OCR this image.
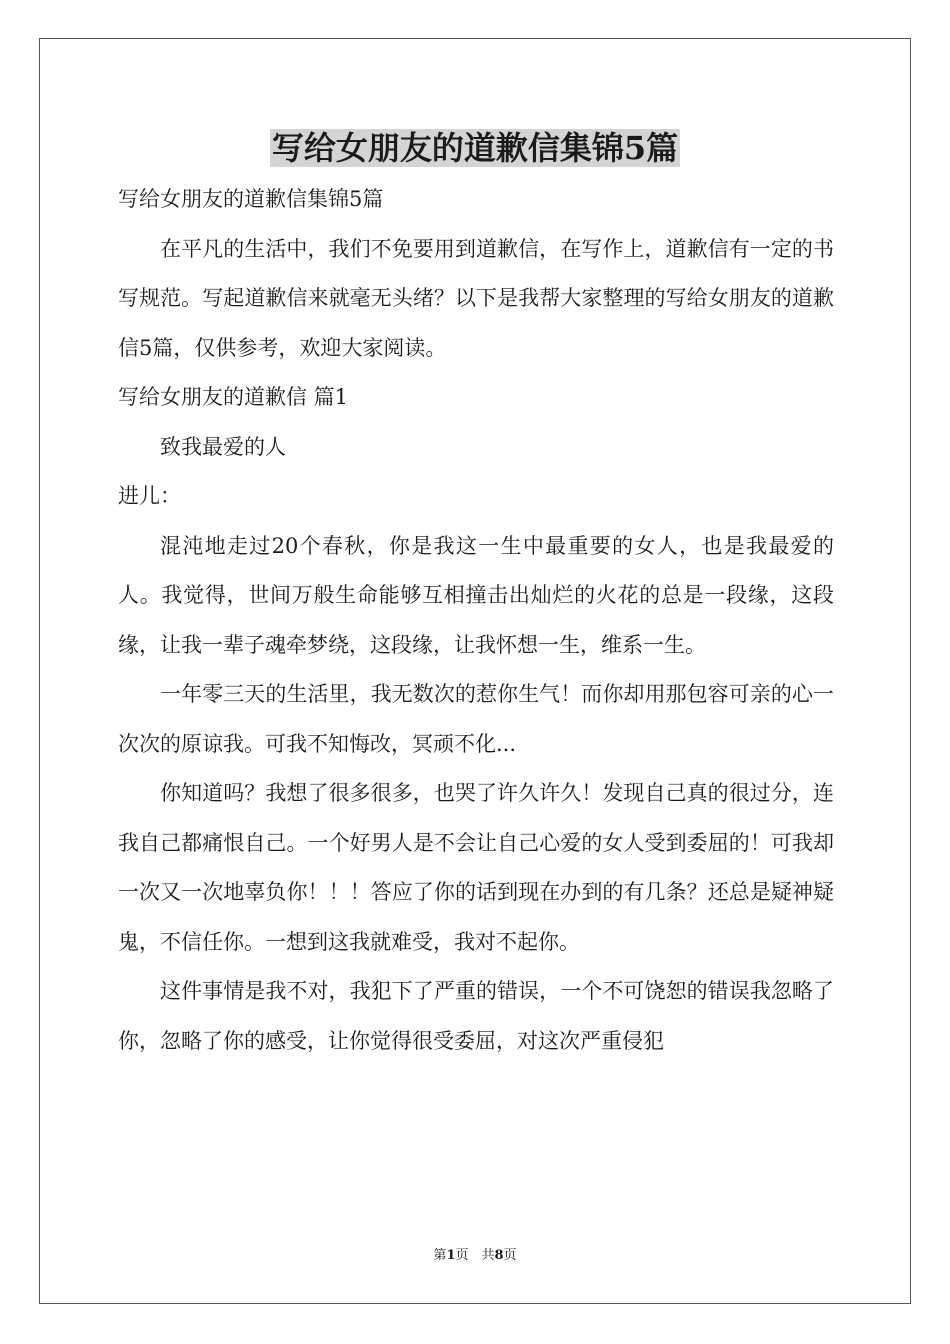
写给女朋友的道歉信集锦5篇

写给女朋友的道歉信集锦5篇

在平凡的生活中，我们不免要用到道歉信，在写作上，道歉信有一定的书写规范。写起道歉信来就毫无头绪？以下是我帮大家整理的写给女朋友的道歉信5篇，仅供参考，欢迎大家阅读。

写给女朋友的道歉信 篇1

致我最爱的人

进儿：

混沌地走过20个春秋，你是我这一生中最重要的女人，也是我最爱的人。我觉得，世间万般生命能够互相撞击出灿烂的火花的总是一段缘，这段缘，让我一辈子魂牵梦绕，这段缘，让我怀想一生，维系一生。

一年零三天的生活里，我无数次的惹你生气！而你却用那包容可亲的心一次次的原谅我。可我不知悔改，冥顽不化...

你知道吗？我想了很多很多，也哭了许久许久！发现自己真的很过分，连我自己都痛恨自己。一个好男人是不会让自己心爱的女人受到委屈的！可我却一次又一次地辜负你！！！答应了你的话到现在办到的有几条？还总是疑神疑鬼，不信任你。一想到这我就难受，我对不起你。

这件事情是我不对，我犯下了严重的错误，一个不可饶恕的错误我忽略了你，忽略了你的感受，让你觉得很受委屈，对这次严重侵犯

第1页　共8页
